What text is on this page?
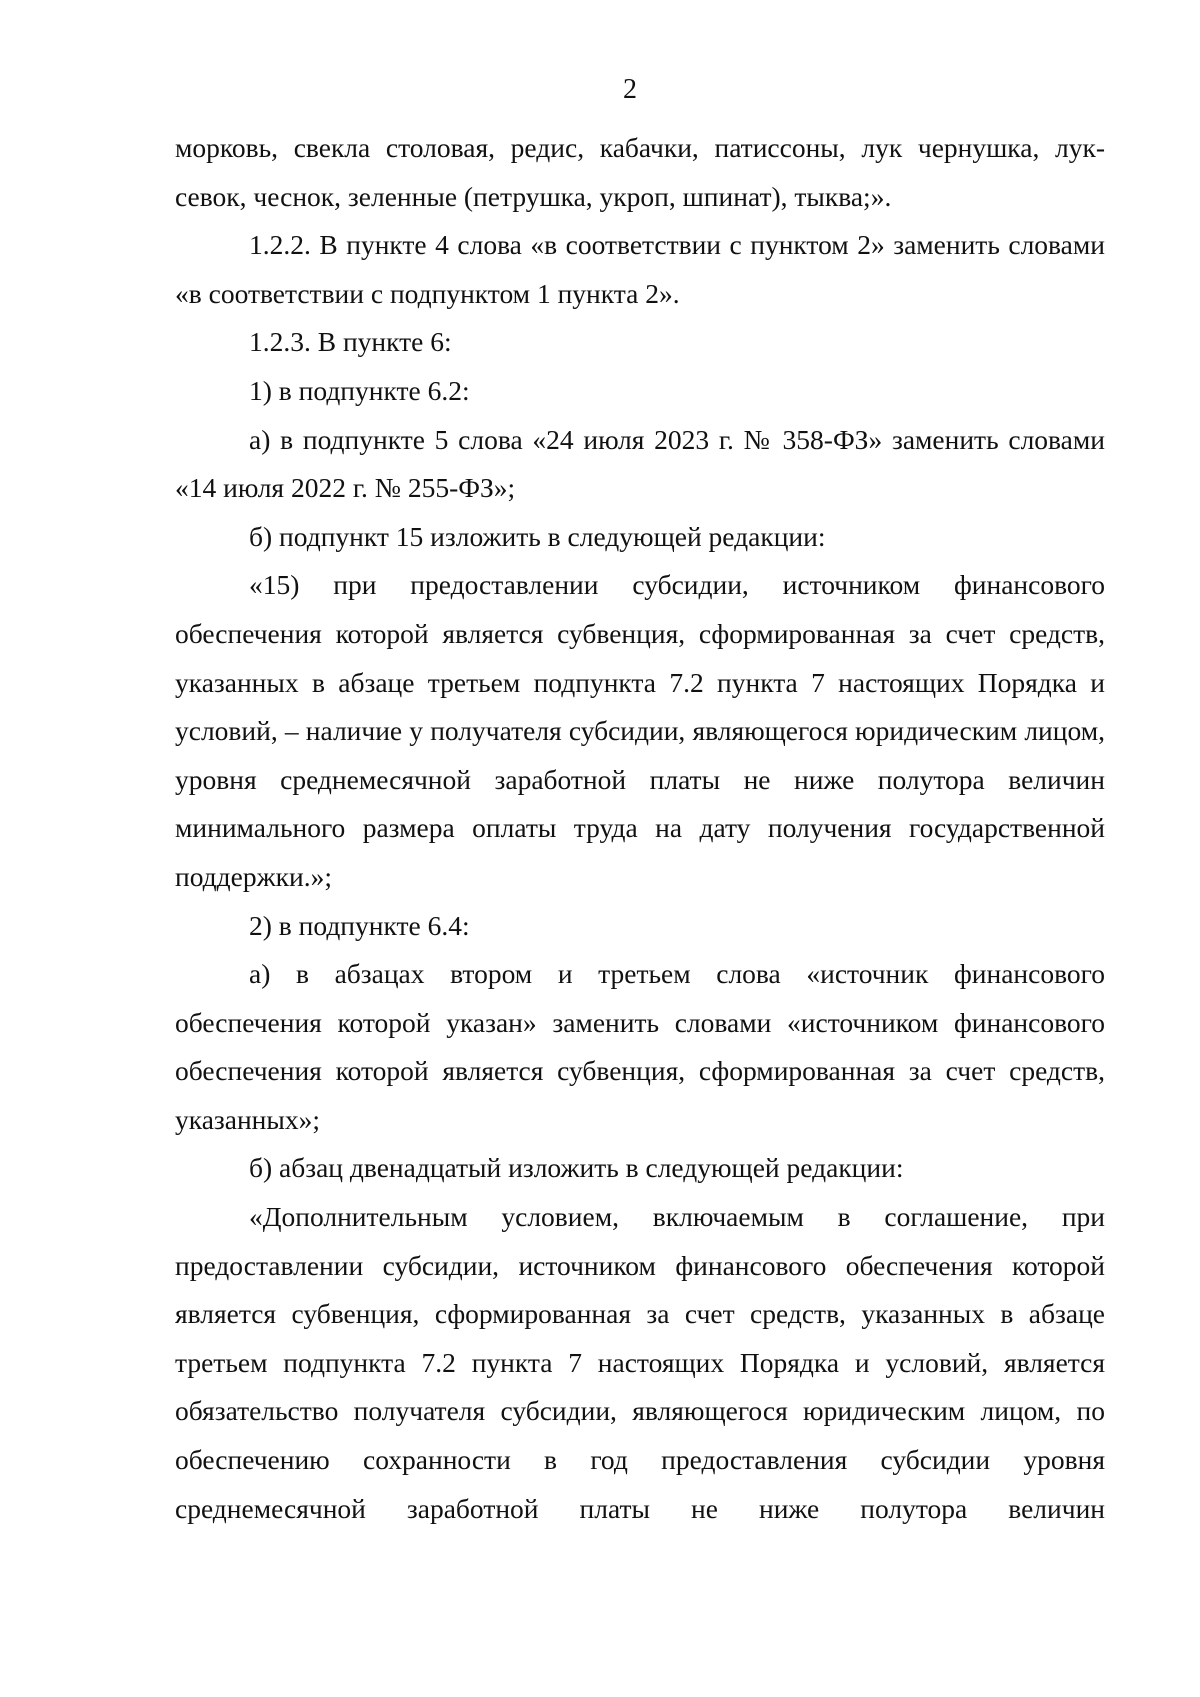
2

морковь, свекла столовая, редис, кабачки, патиссоны, лук чернушка, лук-севок, чеснок, зеленные (петрушка, укроп, шпинат), тыква;».

1.2.2. В пункте 4 слова «в соответствии с пунктом 2» заменить словами «в соответствии с подпунктом 1 пункта 2».

1.2.3. В пункте 6:

1) в подпункте 6.2:

а) в подпункте 5 слова «24 июля 2023 г. № 358-ФЗ» заменить словами «14 июля 2022 г. № 255-ФЗ»;

б) подпункт 15 изложить в следующей редакции:

«15) при предоставлении субсидии, источником финансового обеспечения которой является субвенция, сформированная за счет средств, указанных в абзаце третьем подпункта 7.2 пункта 7 настоящих Порядка и условий, – наличие у получателя субсидии, являющегося юридическим лицом, уровня среднемесячной заработной платы не ниже полутора величин минимального размера оплаты труда на дату получения государственной поддержки.»;

2) в подпункте 6.4:

а) в абзацах втором и третьем слова «источник финансового обеспечения которой указан» заменить словами «источником финансового обеспечения которой является субвенция, сформированная за счет средств, указанных»;

б) абзац двенадцатый изложить в следующей редакции:

«Дополнительным условием, включаемым в соглашение, при предоставлении субсидии, источником финансового обеспечения которой является субвенция, сформированная за счет средств, указанных в абзаце третьем подпункта 7.2 пункта 7 настоящих Порядка и условий, является обязательство получателя субсидии, являющегося юридическим лицом, по обеспечению сохранности в год предоставления субсидии уровня среднемесячной заработной платы не ниже полутора величин
